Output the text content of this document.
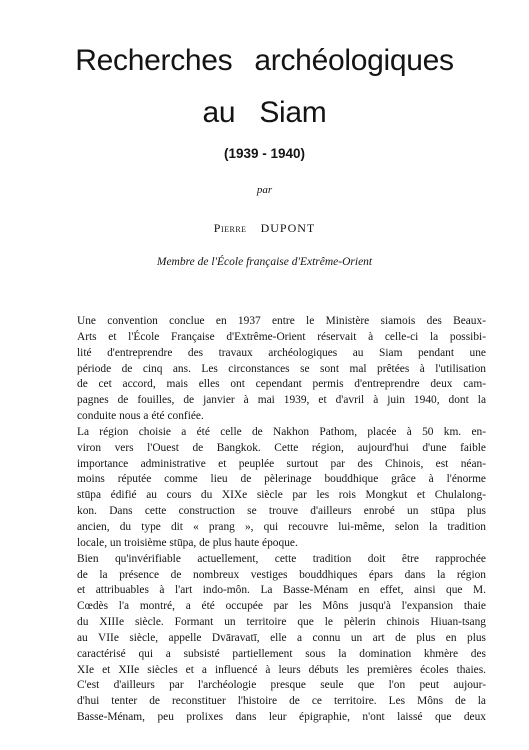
Recherches archéologiques
au Siam
(1939 - 1940)
par
Pierre DUPONT
Membre de l'École française d'Extrême-Orient

Une convention conclue en 1937 entre le Ministère siamois des Beaux-
Arts et l'École Française d'Extrême-Orient réservait à celle-ci la possibi-
lité d'entreprendre des travaux archéologiques au Siam pendant une
période de cinq ans. Les circonstances se sont mal prêtées à l'utilisation
de cet accord, mais elles ont cependant permis d'entreprendre deux cam-
pagnes de fouilles, de janvier à mai 1939, et d'avril à juin 1940, dont la
conduite nous a été confiée.

La région choisie a été celle de Nakhon Pathom, placée à 50 km. en-
viron vers l'Ouest de Bangkok. Cette région, aujourd'hui d'une faible
importance administrative et peuplée surtout par des Chinois, est néan-
moins réputée comme lieu de pèlerinage bouddhique grâce à l'énorme
stūpa édifié au cours du XIXe siècle par les rois Mongkut et Chulalong-
kon. Dans cette construction se trouve d'ailleurs enrobé un stūpa plus
ancien, du type dit « prang », qui recouvre lui-même, selon la tradition
locale, un troisième stūpa, de plus haute époque.

Bien qu'invérifiable actuellement, cette tradition doit être rapprochée
de la présence de nombreux vestiges bouddhiques épars dans la région
et attribuables à l'art indo-môn. La Basse-Ménam en effet, ainsi que M.
Cœdès l'a montré, a été occupée par les Môns jusqu'à l'expansion thaie
du XIIIe siècle. Formant un territoire que le pèlerin chinois Hiuan-tsang
au VIIe siècle, appelle Dvāravatī, elle a connu un art de plus en plus
caractérisé qui a subsisté partiellement sous la domination khmère des
XIe et XIIe siècles et a influencé à leurs débuts les premières écoles thaies.

C'est d'ailleurs par l'archéologie presque seule que l'on peut aujour-
d'hui tenter de reconstituer l'histoire de ce territoire. Les Môns de la
Basse-Ménam, peu prolixes dans leur épigraphie, n'ont laissé que deux
